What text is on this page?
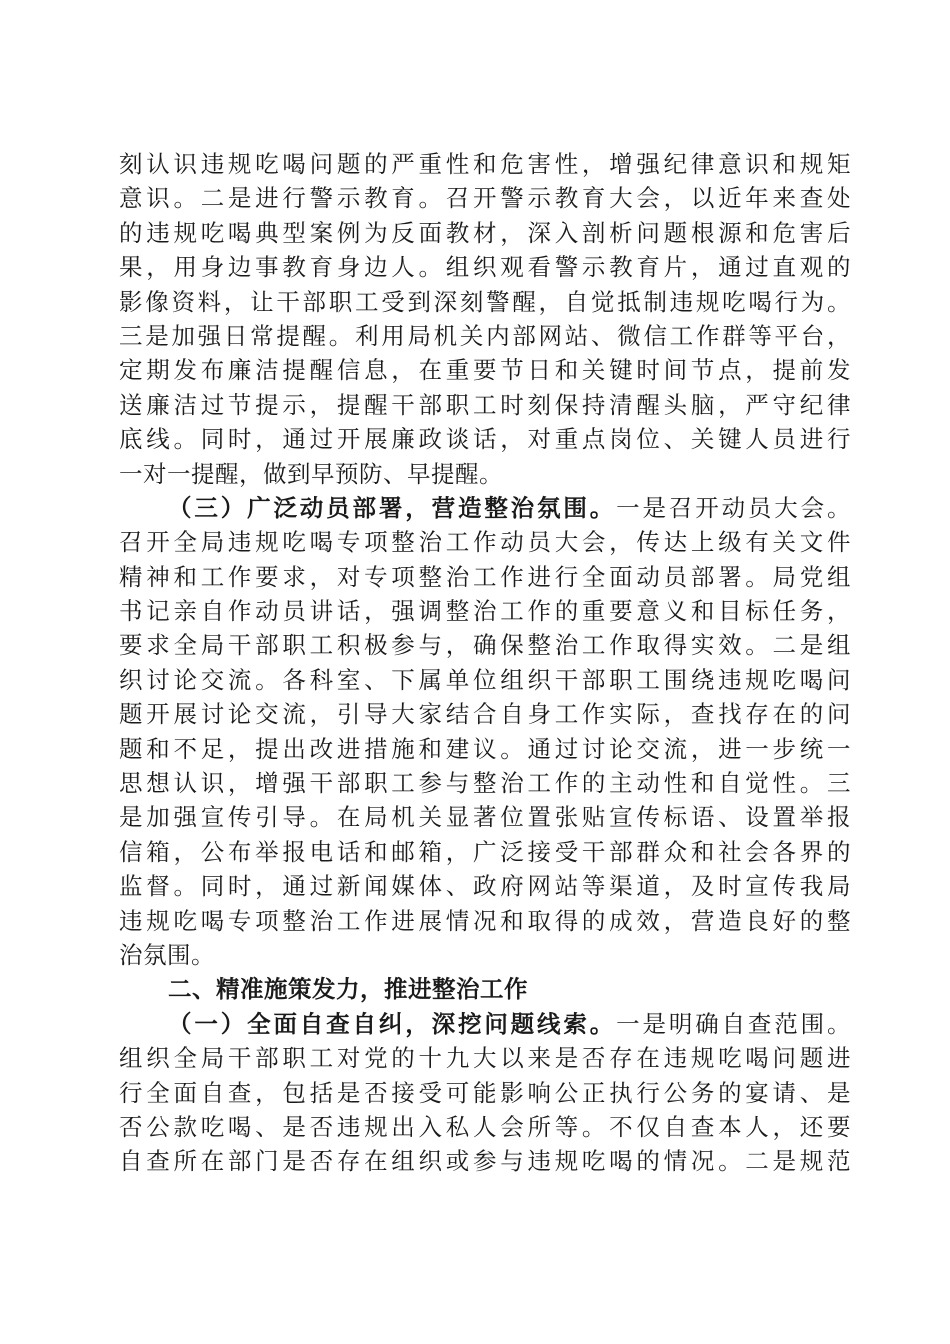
刻认识违规吃喝问题的严重性和危害性，增强纪律意识和规矩
意识。二是进行警示教育。召开警示教育大会，以近年来查处
的违规吃喝典型案例为反面教材，深入剖析问题根源和危害后
果，用身边事教育身边人。组织观看警示教育片，通过直观的
影像资料，让干部职工受到深刻警醒，自觉抵制违规吃喝行为。
三是加强日常提醒。利用局机关内部网站、微信工作群等平台，
定期发布廉洁提醒信息，在重要节日和关键时间节点，提前发
送廉洁过节提示，提醒干部职工时刻保持清醒头脑，严守纪律
底线。同时，通过开展廉政谈话，对重点岗位、关键人员进行
一对一提醒，做到早预防、早提醒。
（三）广泛动员部署，营造整治氛围。一是召开动员大会。
召开全局违规吃喝专项整治工作动员大会，传达上级有关文件
精神和工作要求，对专项整治工作进行全面动员部署。局党组
书记亲自作动员讲话，强调整治工作的重要意义和目标任务，
要求全局干部职工积极参与，确保整治工作取得实效。二是组
织讨论交流。各科室、下属单位组织干部职工围绕违规吃喝问
题开展讨论交流，引导大家结合自身工作实际，查找存在的问
题和不足，提出改进措施和建议。通过讨论交流，进一步统一
思想认识，增强干部职工参与整治工作的主动性和自觉性。三
是加强宣传引导。在局机关显著位置张贴宣传标语、设置举报
信箱，公布举报电话和邮箱，广泛接受干部群众和社会各界的
监督。同时，通过新闻媒体、政府网站等渠道，及时宣传我局
违规吃喝专项整治工作进展情况和取得的成效，营造良好的整
治氛围。
二、精准施策发力，推进整治工作
（一）全面自查自纠，深挖问题线索。一是明确自查范围。
组织全局干部职工对党的十九大以来是否存在违规吃喝问题进
行全面自查，包括是否接受可能影响公正执行公务的宴请、是
否公款吃喝、是否违规出入私人会所等。不仅自查本人，还要
自查所在部门是否存在组织或参与违规吃喝的情况。二是规范
